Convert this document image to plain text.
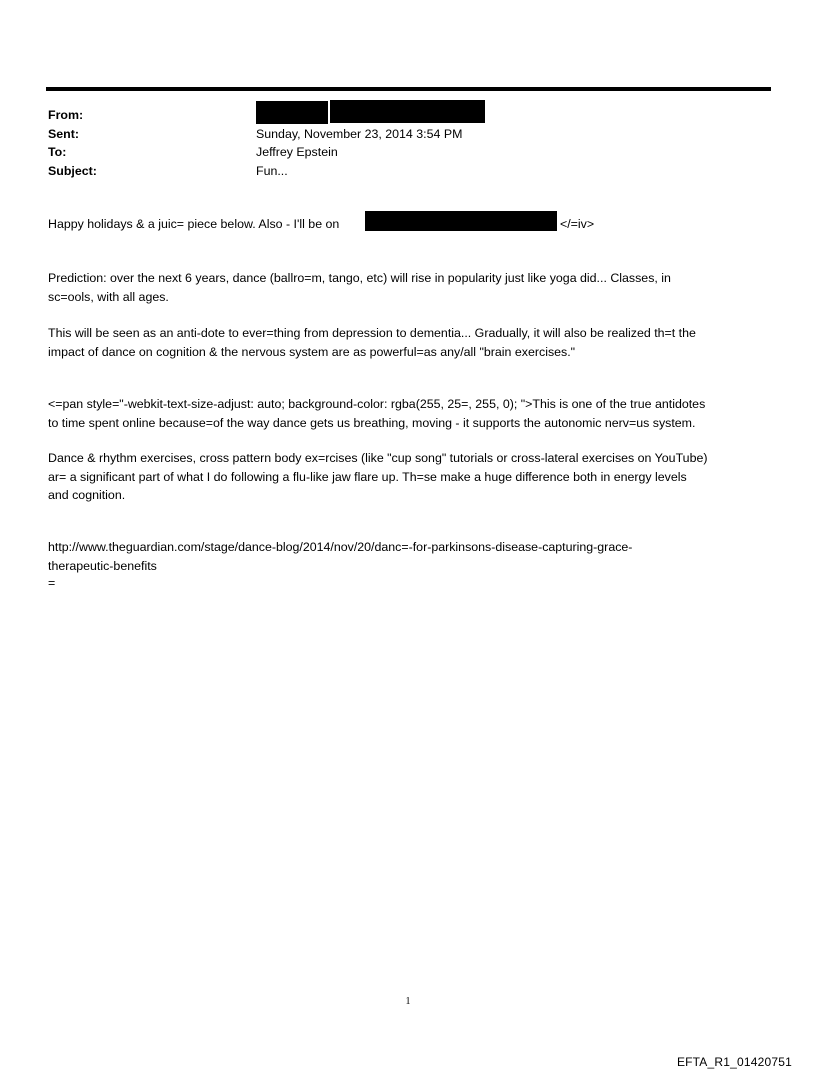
From:
Sent:	Sunday, November 23, 2014 3:54 PM
To:	Jeffrey Epstein
Subject:	Fun...
Happy holidays & a juic= piece below. Also - I'll be on	</=iv>
Prediction: over the next 6 years, dance (ballro=m, tango, etc) will rise in popularity just like yoga did... Classes, in
sc=ools, with all ages.
This will be seen as an anti-dote to ever=thing from depression to dementia... Gradually, it will also be realized th=t the
impact of dance on cognition & the nervous system are as powerful=as any/all "brain exercises."
<=pan style="-webkit-text-size-adjust: auto; background-color: rgba(255, 25=, 255, 0); ">This is one of the true antidotes
to time spent online because=of the way dance gets us breathing, moving - it supports the autonomic nerv=us system.
Dance & rhythm exercises, cross pattern body ex=rcises (like "cup song" tutorials or cross-lateral exercises on YouTube)
ar= a significant part of what I do following a flu-like jaw flare up. Th=se make a huge difference both in energy levels
and cognition.
http://www.theguardian.com/stage/dance-blog/2014/nov/20/danc=-for-parkinsons-disease-capturing-grace-
therapeutic-benefits
=
1
EFTA_R1_01420751
